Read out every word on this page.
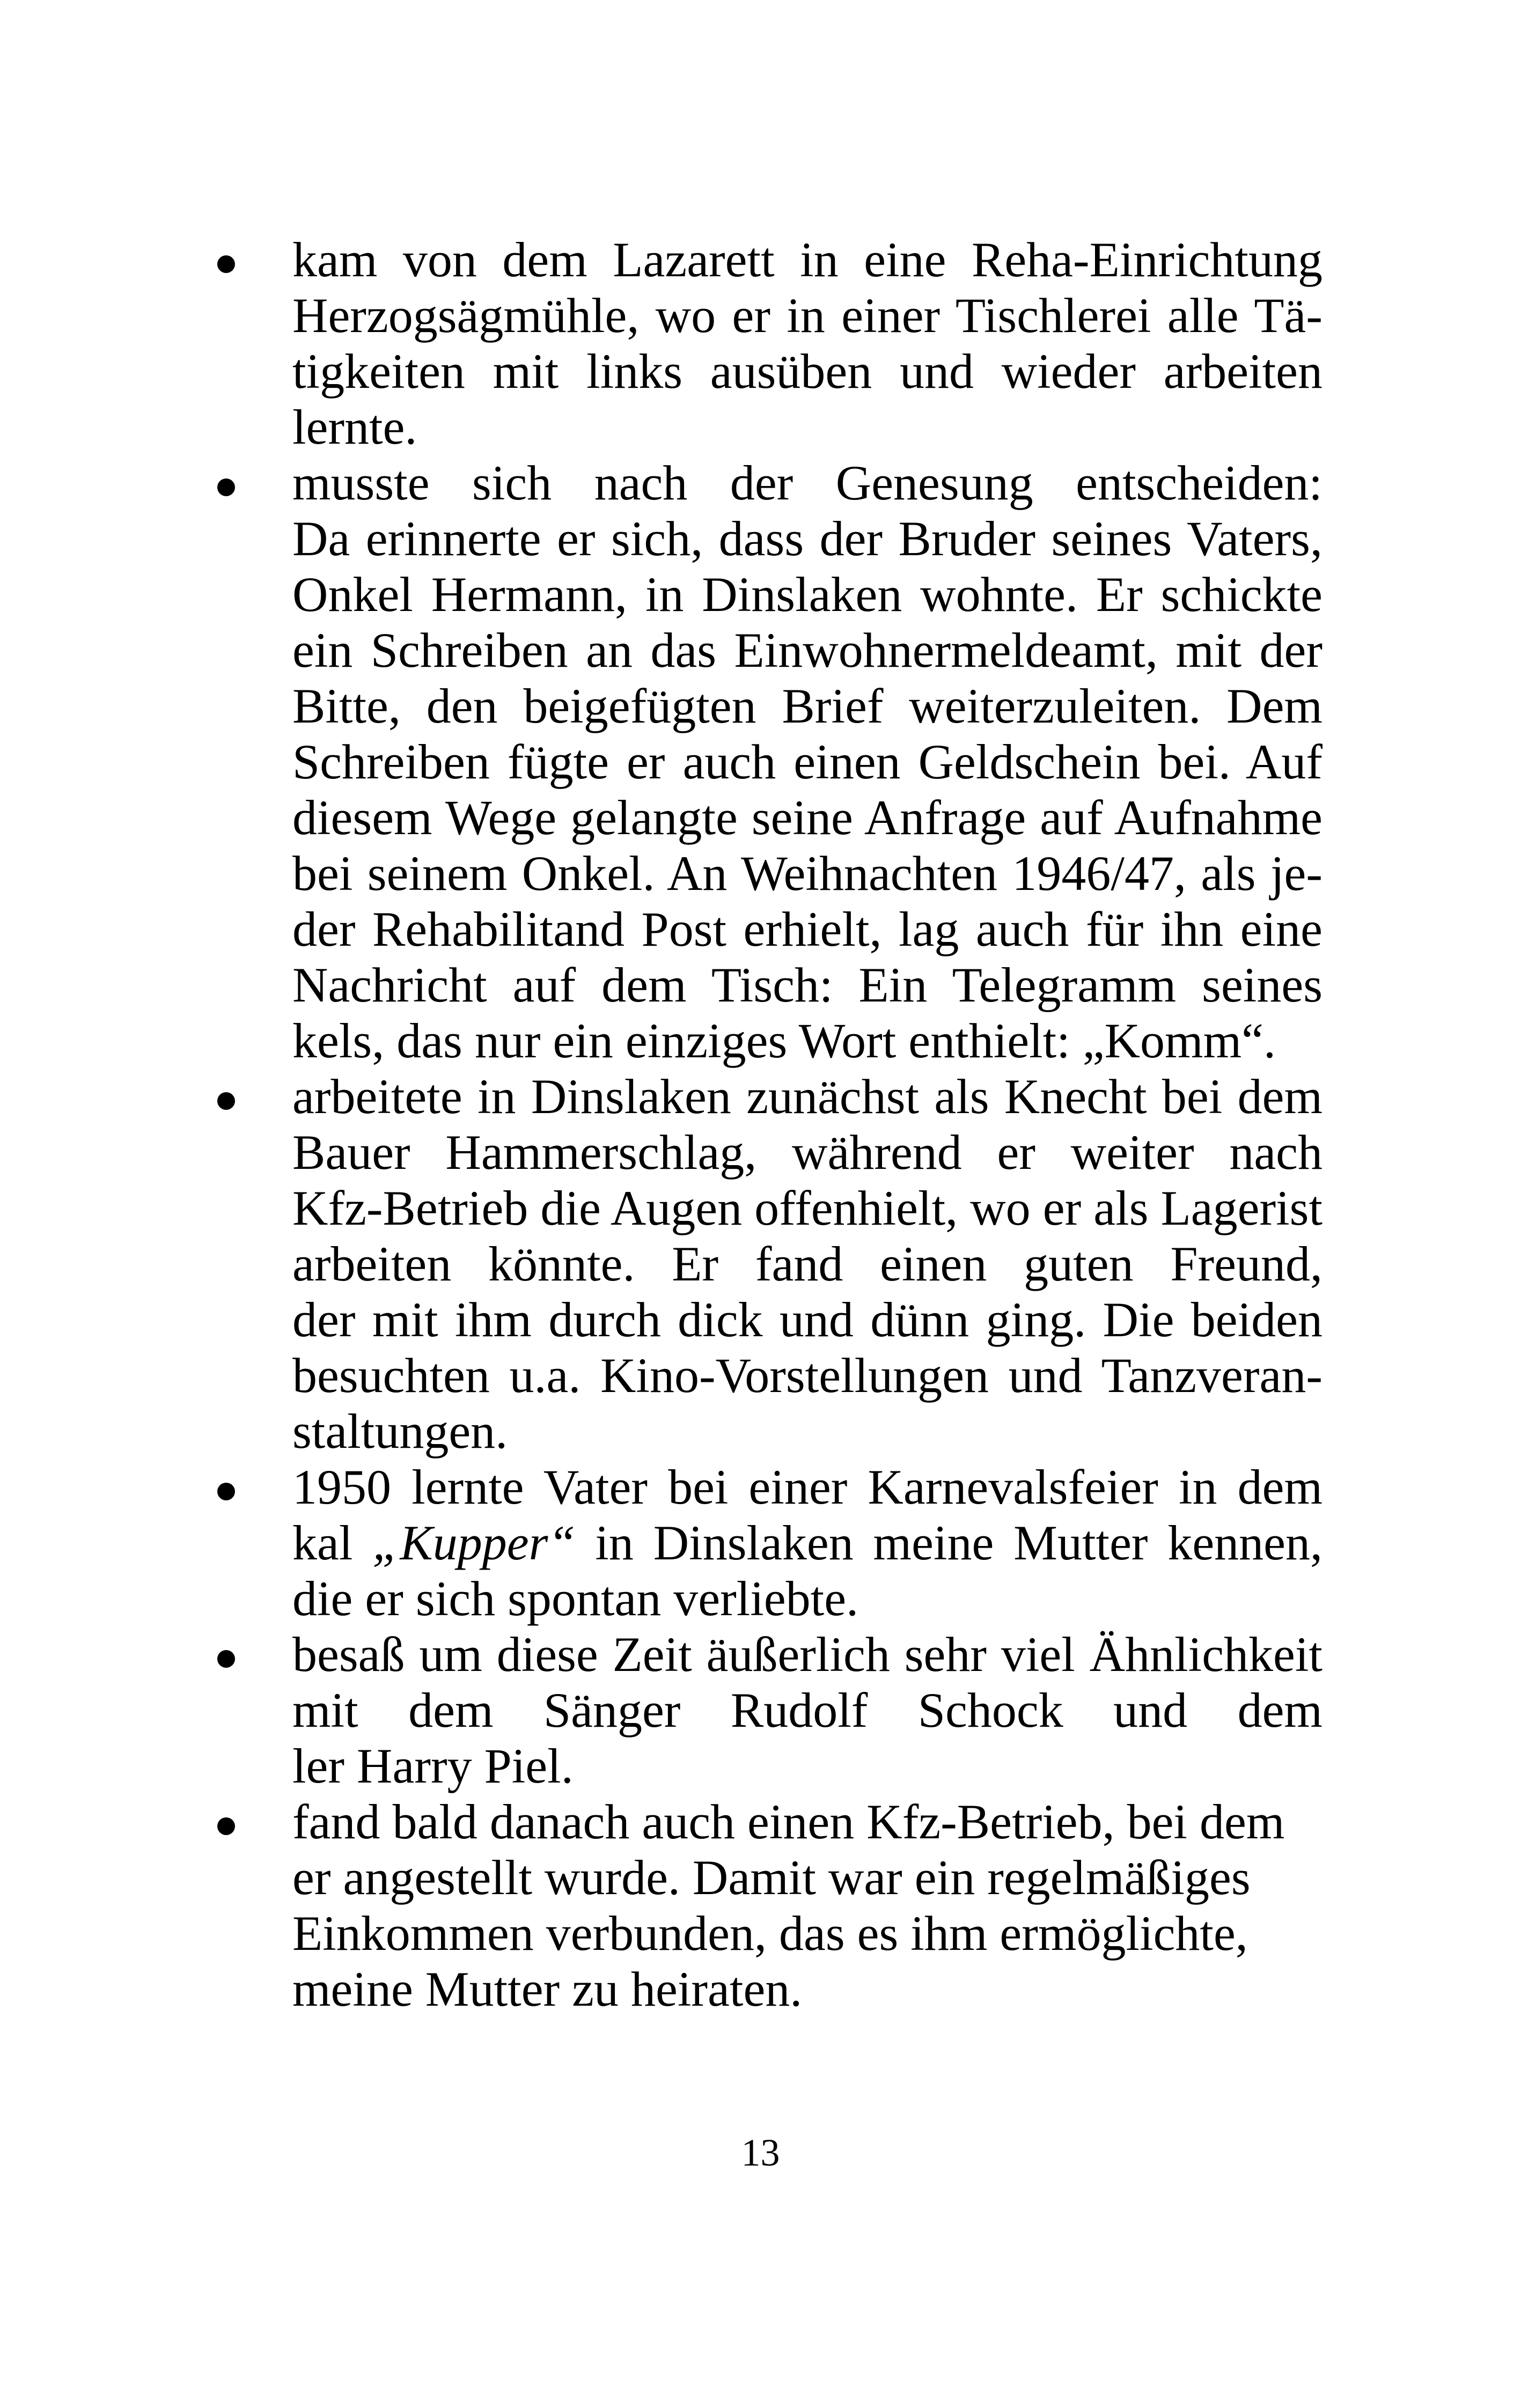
kam von dem Lazarett in eine Reha-Einrichtung
Herzogsägmühle, wo er in einer Tischlerei alle Tä-
tigkeiten mit links ausüben und wieder arbeiten
lernte.
musste sich nach der Genesung entscheiden:
Da erinnerte er sich, dass der Bruder seines Vaters,
Onkel Hermann, in Dinslaken wohnte. Er schickte
ein Schreiben an das Einwohnermeldeamt, mit der
Bitte, den beigefügten Brief weiterzuleiten. Dem
Schreiben fügte er auch einen Geldschein bei. Auf
diesem Wege gelangte seine Anfrage auf Aufnahme
bei seinem Onkel. An Weihnachten 1946/47, als je-
der Rehabilitand Post erhielt, lag auch für ihn eine
Nachricht auf dem Tisch: Ein Telegramm seines
kels, das nur ein einziges Wort enthielt: „Komm“.
arbeitete in Dinslaken zunächst als Knecht bei dem
Bauer Hammerschlag, während er weiter nach
Kfz-Betrieb die Augen offenhielt, wo er als Lagerist
arbeiten könnte. Er fand einen guten Freund,
der mit ihm durch dick und dünn ging. Die beiden
besuchten u.a. Kino-Vorstellungen und Tanzveran-
staltungen.
1950 lernte Vater bei einer Karnevalsfeier in dem
kal „Kupper“ in Dinslaken meine Mutter kennen,
die er sich spontan verliebte.
besaß um diese Zeit äußerlich sehr viel Ähnlichkeit
mit dem Sänger Rudolf Schock und dem
ler Harry Piel.
fand bald danach auch einen Kfz-Betrieb, bei dem
er angestellt wurde. Damit war ein regelmäßiges
Einkommen verbunden, das es ihm ermöglichte,
meine Mutter zu heiraten.
13
